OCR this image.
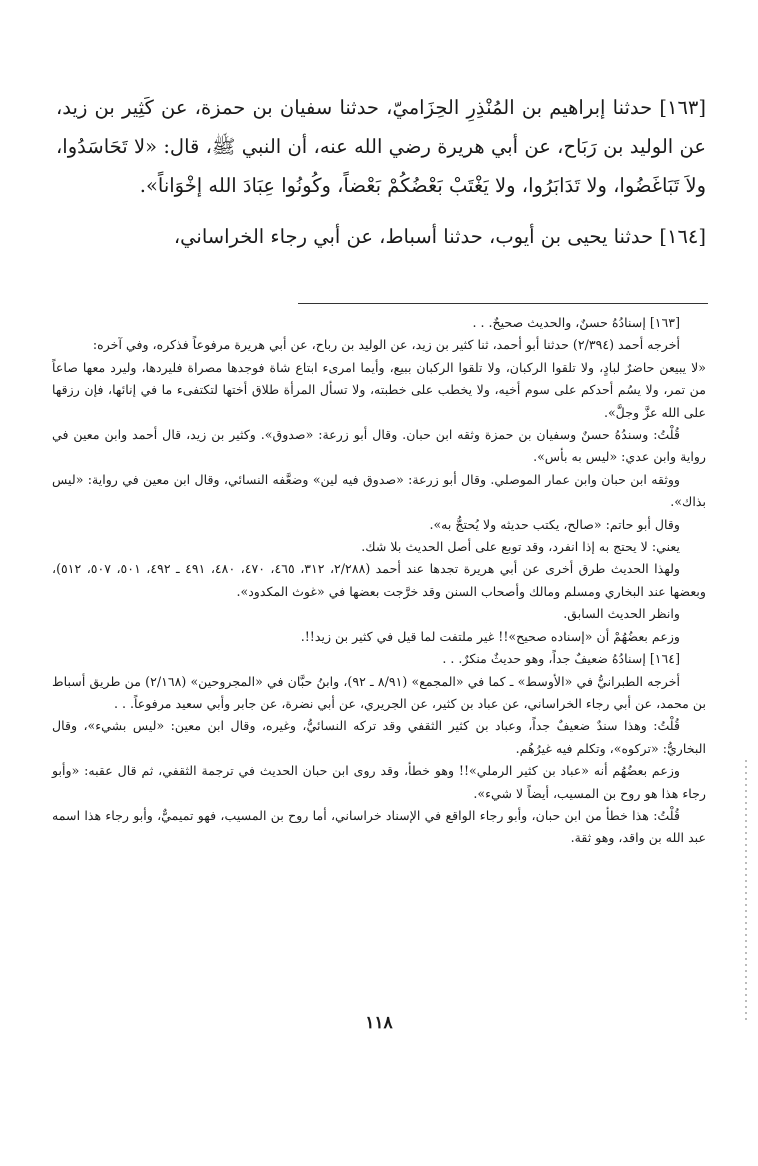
[١٦٣] حدثنا إبراهيم بن المُنْذِرِ الحِزَاميّ، حدثنا سفيان بن حمزة، عن كَثِير بن زيد، عن الوليد بن رَبَاح، عن أبي هريرة رضي الله عنه، أن النبي ﷺ، قال: «لا تَحَاسَدُوا، ولاَ تَبَاغَضُوا، ولا تَدَابَرُوا، ولا يَغْتَبْ بَعْضُكُمْ بَعْضاً، وكُونُوا عِبَادَ الله إخْوَاناً».

[١٦٤] حدثنا يحيى بن أيوب، حدثنا أسباط، عن أبي رجاء الخراساني،

[١٦٣] إسنادُهُ حسنٌ، والحديث صحيحٌ. . .

أخرجه أحمد (٢/٣٩٤) حدثنا أبو أحمد، ثنا كثير بن زيد، عن الوليد بن رباح، عن أبي هريرة مرفوعاً فذكره، وفي آخره:

«لا يبيعن حاضرٌ لبادٍ، ولا تلقوا الركبان، ولا تلقوا الركبان ببيع، وأيما امرىء ابتاع شاة فوجدها مصراة فليردها، وليرد معها صاعاً من تمر، ولا يسُم أحدكم على سوم أخيه، ولا يخطب على خطبته، ولا تسأل المرأة طلاق أختها لتكتفىء ما في إنائها، فإن رزقها على الله عزَّ وجلَّ».

قُلْتُ: وسندُهُ حسنٌ وسفيان بن حمزة وثقه ابن حبان. وقال أبو زرعة: «صدوق». وكثير بن زيد، قال أحمد وابن معين في رواية وابن عدي: «ليس به بأس».

ووثقه ابن حبان وابن عمار الموصلي. وقال أبو زرعة: «صدوق فيه لين» وضعَّفه النسائي، وقال ابن معين في رواية: «ليس بذاك».

وقال أبو حاتم: «صالح، يكتب حديثه ولا يُحتجُّ به».

يعني: لا يحتج به إذا انفرد، وقد توبع على أصل الحديث بلا شك.

ولهذا الحديث طرق أخرى عن أبي هريرة تجدها عند أحمد (٢/٢٨٨، ٣١٢، ٤٦٥، ٤٧٠، ٤٨٠، ٤٩١ ـ ٤٩٢، ٥٠١، ٥٠٧، ٥١٢)، وبعضها عند البخاري ومسلم ومالك وأصحاب السنن وقد خرَّجت بعضها في «غوث المكدود».

وانظر الحديث السابق.

وزعم بعضُهُمْ أن «إسناده صحيح»!! غير ملتفت لما قيل في كثير بن زيد!!.

[١٦٤] إسنادُهُ ضعيفٌ جداً، وهو حديثٌ منكرٌ. . .

أخرجه الطبرانيُّ في «الأوسط» ـ كما في «المجمع» (٨/٩١ ـ ٩٢)، وابنُ حبَّان في «المجروحين» (٢/١٦٨) من طريق أسباط بن محمد، عن أبي رجاء الخراساني، عن عباد بن كثير، عن الجريري، عن أبي نضرة، عن جابر وأبي سعيد مرفوعاً. . .

قُلْتُ: وهذا سندٌ ضعيفٌ جداً، وعباد بن كثير الثقفي وقد تركه النسائيُّ، وغيره، وقال ابن معين: «ليس بشيء»، وقال البخاريُّ: «تركوه»، وتكلم فيه غيرُهُم.

وزعم بعضُهُم أنه «عباد بن كثير الرملي»!! وهو خطأ، وقد روى ابن حبان الحديث في ترجمة الثقفي، ثم قال عقبه: «وأبو رجاء هذا هو روح بن المسيب، أيضاً لا شيء».

قُلْتُ: هذا خطأ من ابن حبان، وأبو رجاء الواقع في الإسناد خراساني، أما روح بن المسيب، فهو تميميٌّ، وأبو رجاء هذا اسمه عبد الله بن واقد، وهو ثقة.

١١٨
